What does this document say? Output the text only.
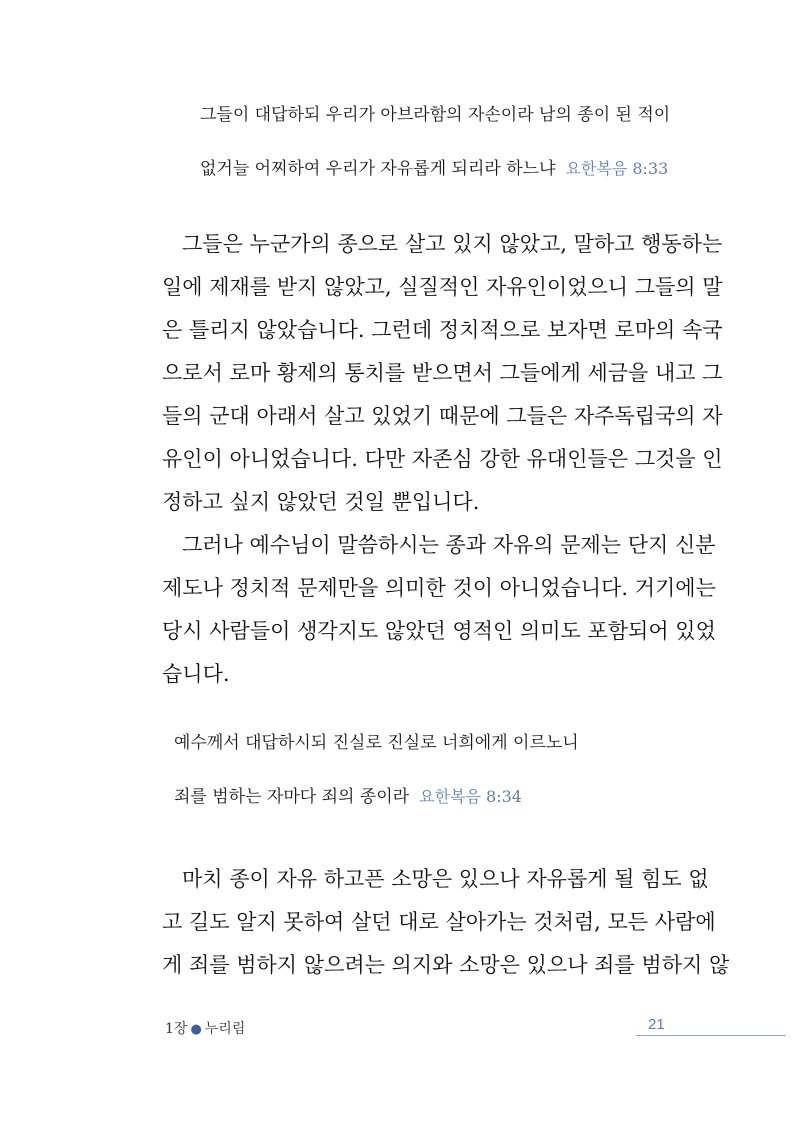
그들이 대답하되 우리가 아브라함의 자손이라 남의 종이 된 적이
없거늘 어찌하여 우리가 자유롭게 되리라 하느냐 요한복음 8:33

그들은 누군가의 종으로 살고 있지 않았고, 말하고 행동하는
일에 제재를 받지 않았고, 실질적인 자유인이었으니 그들의 말
은 틀리지 않았습니다. 그런데 정치적으로 보자면 로마의 속국
으로서 로마 황제의 통치를 받으면서 그들에게 세금을 내고 그
들의 군대 아래서 살고 있었기 때문에 그들은 자주독립국의 자
유인이 아니었습니다. 다만 자존심 강한 유대인들은 그것을 인
정하고 싶지 않았던 것일 뿐입니다.

그러나 예수님이 말씀하시는 종과 자유의 문제는 단지 신분
제도나 정치적 문제만을 의미한 것이 아니었습니다. 거기에는
당시 사람들이 생각지도 않았던 영적인 의미도 포함되어 있었
습니다.

예수께서 대답하시되 진실로 진실로 너희에게 이르노니
죄를 범하는 자마다 죄의 종이라 요한복음 8:34

마치 종이 자유 하고픈 소망은 있으나 자유롭게 될 힘도 없
고 길도 알지 못하여 살던 대로 살아가는 것처럼, 모든 사람에
게 죄를 범하지 않으려는 의지와 소망은 있으나 죄를 범하지 않

1장 ● 누리림	21
